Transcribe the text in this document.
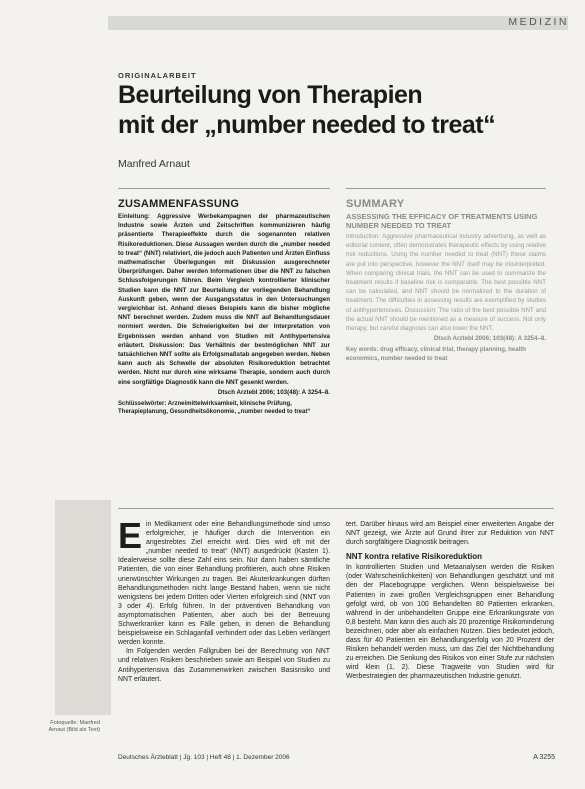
MEDIZIN
ORIGINALARBEIT
Beurteilung von Therapien
mit der „number needed to treat“
Manfred Arnaut
ZUSAMMENFASSUNG
Einleitung: Aggressive Werbekampagnen der pharmazeutischen Industrie sowie Ärzten und Zeitschriften kommunizieren häufig präsentierte Therapieeffekte durch die sogenannten relativen Risikoreduktionen. Diese Aussagen werden durch die „number needed to treat“ (NNT) relativiert, die jedoch auch Patienten und Ärzten Einfluss mathematischer Überlegungen mit Diskussion ausgerechneter Überprüfungen. Daher werden Informationen über die NNT zu falschen Schlussfolgerungen führen. Beim Vergleich kontrollierter klinischer Studien kann die NNT zur Beurteilung der vorliegenden Behandlung Auskunft geben, wenn der Ausgangsstatus in den Untersuchungen vergleichbar ist. Anhand dieses Beispiels kann die bisher mögliche NNT berechnet werden. Zudem muss die NNT auf Behandlungsdauer normiert werden. Die Schwierigkeiten bei der Interpretation von Ergebnissen werden anhand von Studien mit Antihypertensiva erläutert. Diskussion: Das Verhältnis der bestmöglichen NNT zur tatsächlichen NNT sollte als Erfolgsmaßstab angegeben werden. Neben kann auch als Schwelle der absoluten Risikoreduktion betrachtet werden. Nicht nur durch eine wirksame Therapie, sondern auch durch eine sorgfältige Diagnostik kann die NNT gesenkt werden.
Dtsch Arztebl 2006; 103(48): A 3254–8.
Schlüsselwörter: Arzneimittelwirksamkeit, klinische Prüfung, Therapieplanung, Gesundheitsökonomie, „number needed to treat“
SUMMARY
ASSESSING THE EFFICACY OF TREATMENTS USING NUMBER NEEDED TO TREAT
Introduction: Aggressive pharmaceutical industry advertising, as well as editorial content, often demonstrates therapeutic effects by using relative risk reductions. Using the number needed to treat (NNT) these claims are put into perspective, however the NNT itself may be misinterpreted. When comparing clinical trials, the NNT can be used to summarize the treatment results if baseline risk is comparable. The best possible NNT can be calculated, and NNT should be normalized to the duration of treatment. The difficulties in assessing results are exemplified by studies of antihypertensives. Discussion: The ratio of the best possible NNT and the actual NNT should be mentioned as a measure of success. Not only therapy, but careful diagnosis can also lower the NNT.
Dtsch Arztebl 2006; 103(48): A 3254–8.
Key words: drug efficacy, clinical trial, therapy planning, health economics, number needed to treat
Fotoquelle: Manfred Arnaut (Bild als Text)

Ein Medikament oder eine Behandlungsmethode sind umso erfolgreicher, je häufiger durch die Intervention ein angestrebtes Ziel erreicht wird. Dies wird oft mit der „number needed to treat“ (NNT) ausgedrückt (Kasten 1). Idealerweise sollte diese Zahl eins sein. Nur dann haben sämtliche Patienten, die von einer Behandlung profitieren, auch ohne Risiken unerwünschter Wirkungen zu tragen. Bei Akuterkrankungen dürften Behandlungsmethoden nicht lange Bestand haben, wenn sie nicht wenigstens bei jedem Dritten oder Vierten erfolgreich sind (NNT von 3 oder 4). Erfolg führen. In der präventiven Behandlung von asymptomatischen Patienten, aber auch bei der Betreuung Schwerkranker kann es Fälle geben, in denen die Behandlung beispielsweise ein Schlaganfall verhindert oder das Leben verlängert werden konnte.

Im Folgenden werden Fallgruben bei der Berechnung von NNT und relativen Risiken beschrieben sowie am Beispiel von Studien zu Antihypertensiva das Zusammenwirken zwischen Basisrisiko und NNT erläutert.

tert. Darüber hinaus wird am Beispiel einer erweiterten Angabe der NNT gezeigt, wie Ärzte auf Grund ihrer zur Reduktion von NNT durch sorgfältigere Diagnostik beitragen.

NNT kontra relative Risikoreduktion

In kontrollierten Studien und Metaanalysen werden die Risiken (oder Wahrscheinlichkeiten) von Behandlungen geschätzt und mit den der Placebogruppe verglichen. Wenn beispielsweise bei Patienten in zwei großen Vergleichsgruppen einer Behandlung gefolgt wird, ob von 100 Behandelten 80 Patienten erkranken, während in der unbehandelten Gruppe eine Erkrankungsrate von 0,8 besteht. Man kann dies auch als 20 prozentige Risikominderung bezeichnen, oder aber als einfachen Nutzen. Dies bedeutet jedoch, dass für 40 Patienten ein Behandlungserfolg von 20 Prozent der Risiken behandelt werden muss, um das Ziel der Nichtbehandlung zu erreichen. Die Senkung des Risikos von einer Stufe zur nächsten wird klein (1, 2). Diese Tragweite von Studien wird für Werbestrategien der pharmazeutischen Industrie genutzt.

Deutsches Ärzteblatt | Jg. 103 | Heft 48 | 1. Dezember 2006	A 3255
